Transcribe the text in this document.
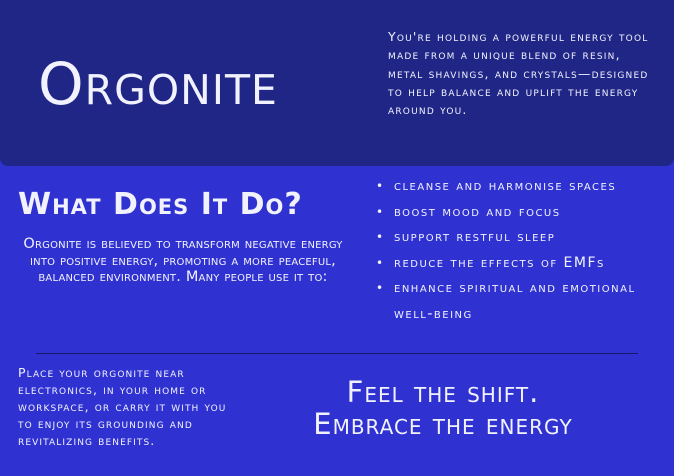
Orgonite

You're holding a powerful energy tool made from a unique blend of resin, metal shavings, and crystals—designed to help balance and uplift the energy around you.

What Does It Do?

Orgonite is believed to transform negative energy into positive energy, promoting a more peaceful, balanced environment. Many people use it to:

• cleanse and harmonise spaces
• boost mood and focus
• support restful sleep
• reduce the effects of EMFs
• enhance spiritual and emotional well-being

Place your orgonite near electronics, in your home or workspace, or carry it with you to enjoy its grounding and revitalizing benefits.

Feel the shift.
Embrace the energy
